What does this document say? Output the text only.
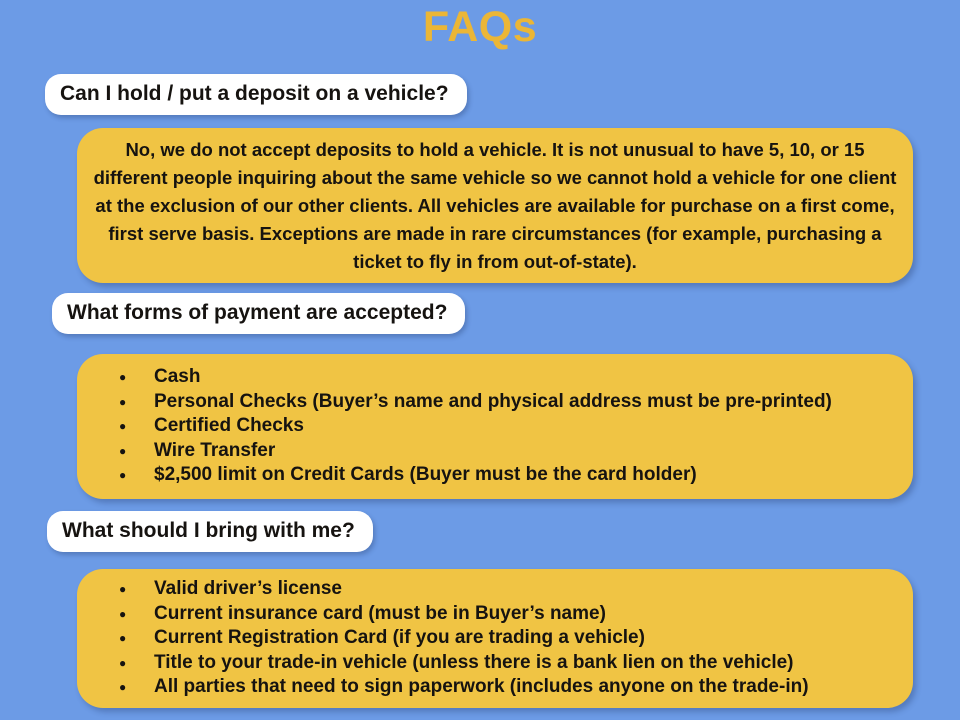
FAQs
Can I hold / put a deposit on a vehicle?

No, we do not accept deposits to hold a vehicle. It is not unusual to have 5, 10, or 15 different people inquiring about the same vehicle so we cannot hold a vehicle for one client at the exclusion of our other clients. All vehicles are available for purchase on a first come, first serve basis. Exceptions are made in rare circumstances (for example, purchasing a ticket to fly in from out-of-state).

What forms of payment are accepted?
● Cash
● Personal Checks (Buyer’s name and physical address must be pre-printed)
● Certified Checks
● Wire Transfer
● $2,500 limit on Credit Cards (Buyer must be the card holder)
What should I bring with me?
● Valid driver’s license
● Current insurance card (must be in Buyer’s name)
● Current Registration Card (if you are trading a vehicle)
● Title to your trade-in vehicle (unless there is a bank lien on the vehicle)
● All parties that need to sign paperwork (includes anyone on the trade-in)
